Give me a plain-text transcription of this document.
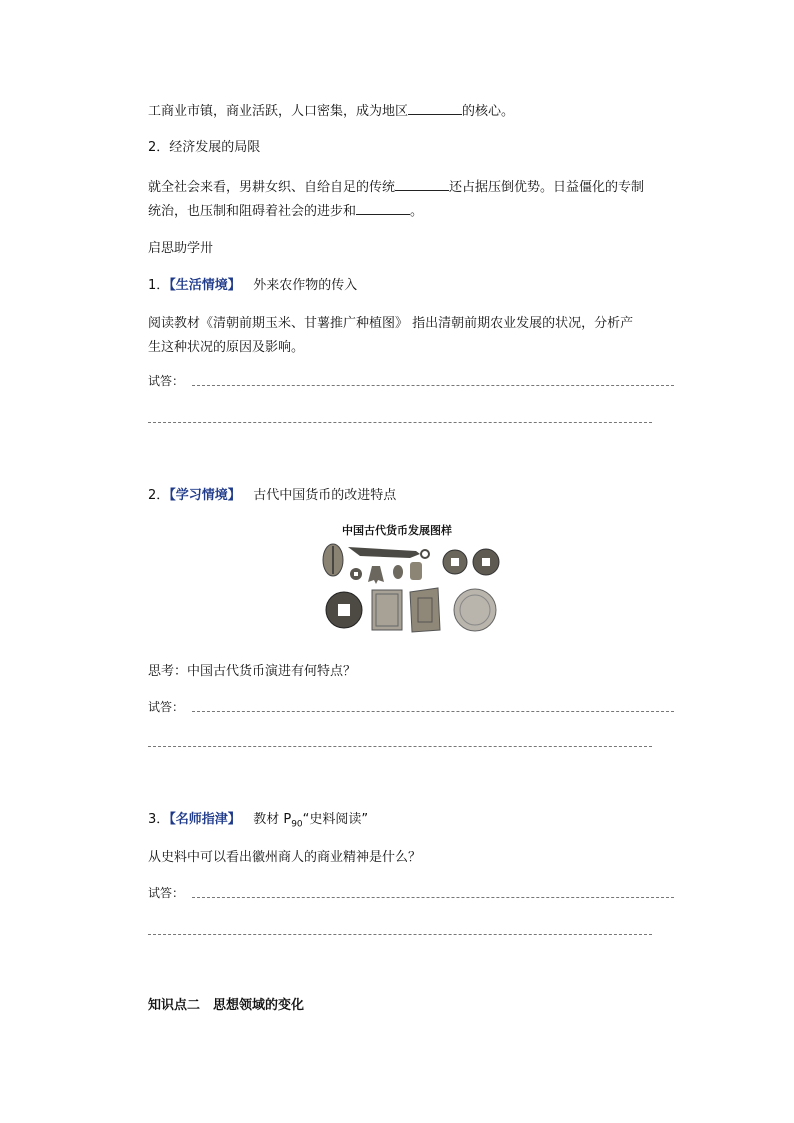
工商业市镇，商业活跃，人口密集，成为地区	的核心。
2．经济发展的局限
就全社会来看，男耕女织、自给自足的传统	还占据压倒优势。日益僵化的专制
统治，也压制和阻碍着社会的进步和	。
启思助学卅
1．【生活情境】 外来农作物的传入
阅读教材《清朝前期玉米、甘薯推广种植图》 指出清朝前期农业发展的状况，分析产
生这种状况的原因及影响。
试答：
2．【学习情境】 古代中国货币的改进特点
中国古代货币发展图样
思考：中国古代货币演进有何特点？
试答：
3．【名师指津】 教材 $P_{90}“$史料阅读”
从史料中可以看出徽州商人的商业精神是什么？
试答：
知识点二　思想领域的变化
